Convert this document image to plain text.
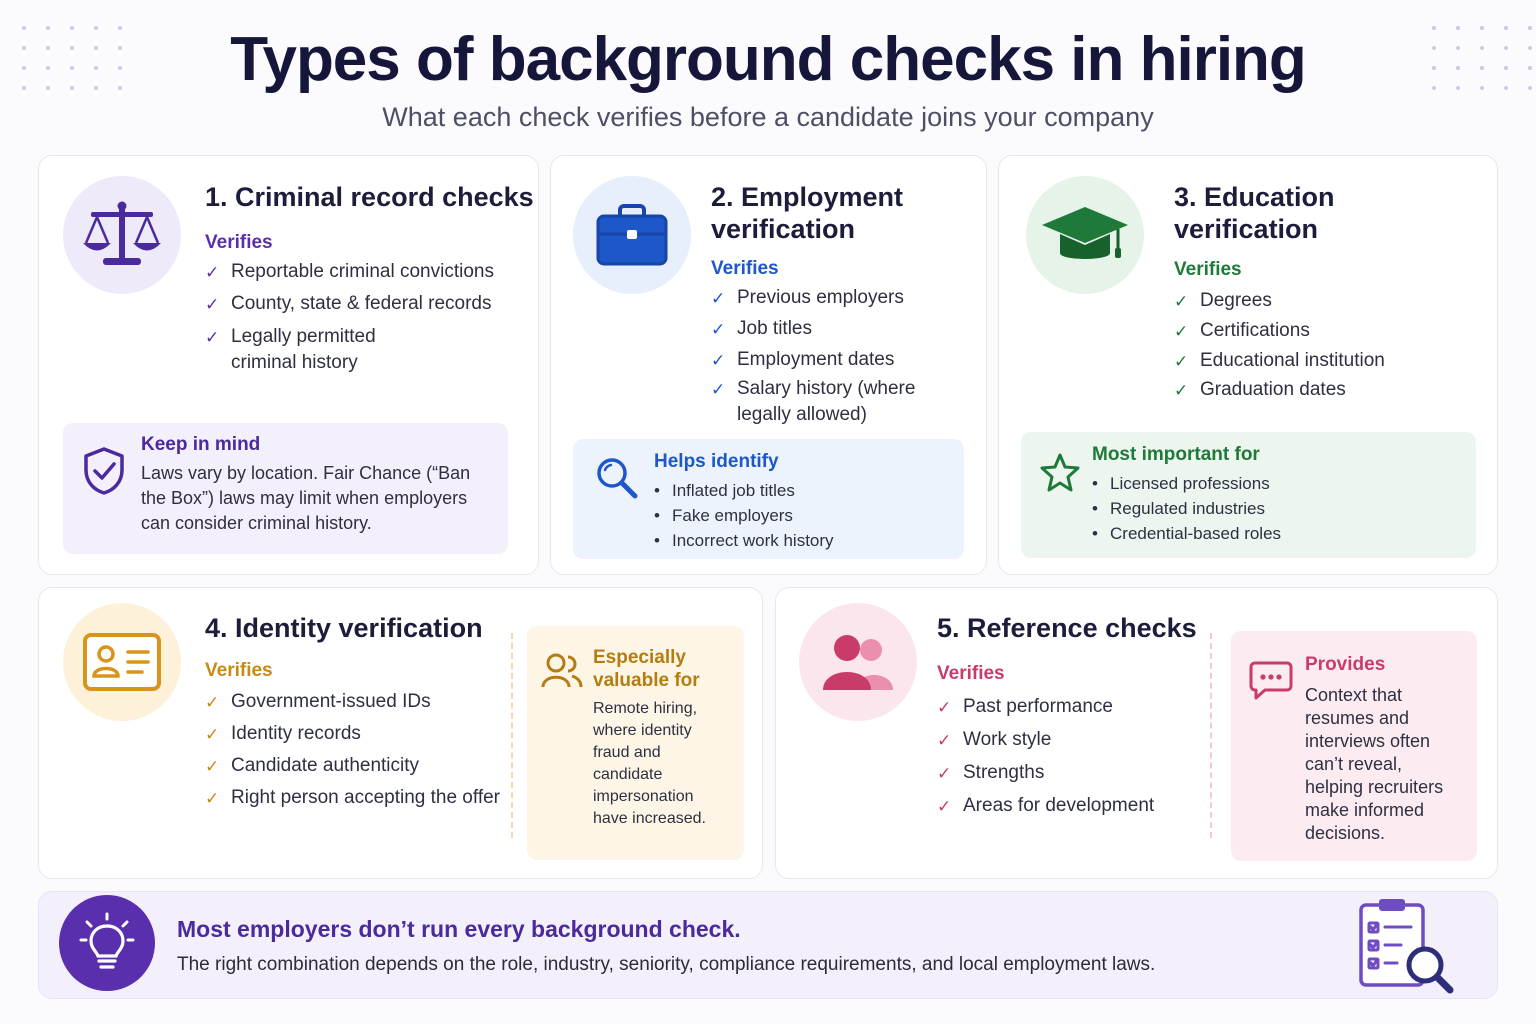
Types of background checks in hiring
What each check verifies before a candidate joins your company
1. Criminal record checks
Verifies
✓ Reportable criminal convictions
✓ County, state & federal records
✓ Legally permitted criminal history
Keep in mind
Laws vary by location. Fair Chance (“Ban the Box”) laws may limit when employers can consider criminal history.
2. Employment verification
Verifies
✓ Previous employers
✓ Job titles
✓ Employment dates
✓ Salary history (where legally allowed)
Helps identify
• Inflated job titles
• Fake employers
• Incorrect work history
3. Education verification
Verifies
✓ Degrees
✓ Certifications
✓ Educational institution
✓ Graduation dates
Most important for
• Licensed professions
• Regulated industries
• Credential-based roles
4. Identity verification
Verifies
✓ Government-issued IDs
✓ Identity records
✓ Candidate authenticity
✓ Right person accepting the offer
Especially valuable for
Remote hiring, where identity fraud and candidate impersonation have increased.
5. Reference checks
Verifies
✓ Past performance
✓ Work style
✓ Strengths
✓ Areas for development
Provides
Context that resumes and interviews often can’t reveal, helping recruiters make informed decisions.
Most employers don’t run every background check.
The right combination depends on the role, industry, seniority, compliance requirements, and local employment laws.
